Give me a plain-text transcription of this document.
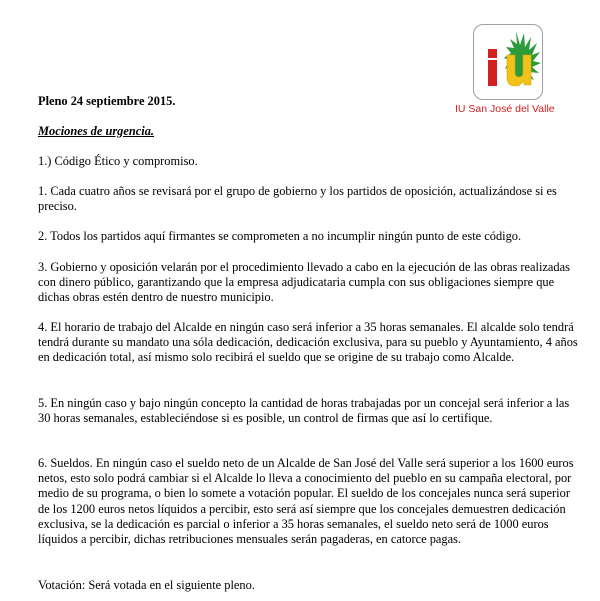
IU San José del Valle

Pleno 24 septiembre 2015.

Mociones de urgencia.

1.) Código Ético y compromiso.

1. Cada cuatro años se revisará por el grupo de gobierno y los partidos de oposición, actualizándose si es preciso.

2. Todos los partidos aquí firmantes se comprometen a no incumplir ningún punto de este código.

3. Gobierno y oposición velarán por el procedimiento llevado a cabo en la ejecución de las obras realizadas con dinero público, garantizando que la empresa adjudicataria cumpla con sus obligaciones siempre que dichas obras estén dentro de nuestro municipio.

4. El horario de trabajo del Alcalde en ningún caso será inferior a 35 horas semanales. El alcalde solo tendrá tendrá durante su mandato una sóla dedicación, dedicación exclusiva, para su pueblo y Ayuntamiento, 4 años en dedicación total, así mismo solo recibirá el sueldo que se origine de su trabajo como Alcalde.

5. En ningún caso y bajo ningún concepto la cantidad de horas trabajadas por un concejal será inferior a las 30 horas semanales, estableciéndose si es posible, un control de firmas que así lo certifique.

6. Sueldos. En ningún caso el sueldo neto de un Alcalde de San José del Valle será superior a los 1600 euros netos, esto solo podrá cambiar si el Alcalde lo lleva a conocimiento del pueblo en su campaña electoral, por medio de su programa, o bien lo somete a votación popular. El sueldo de los concejales nunca será superior de los 1200 euros netos líquidos a percibir, esto será así siempre que los concejales demuestren dedicación exclusiva, se la dedicación es parcial o inferior a 35 horas semanales, el sueldo neto será de 1000 euros líquidos a percibir, dichas retribuciones mensuales serán pagaderas, en catorce pagas.

Votación: Será votada en el siguiente pleno.
